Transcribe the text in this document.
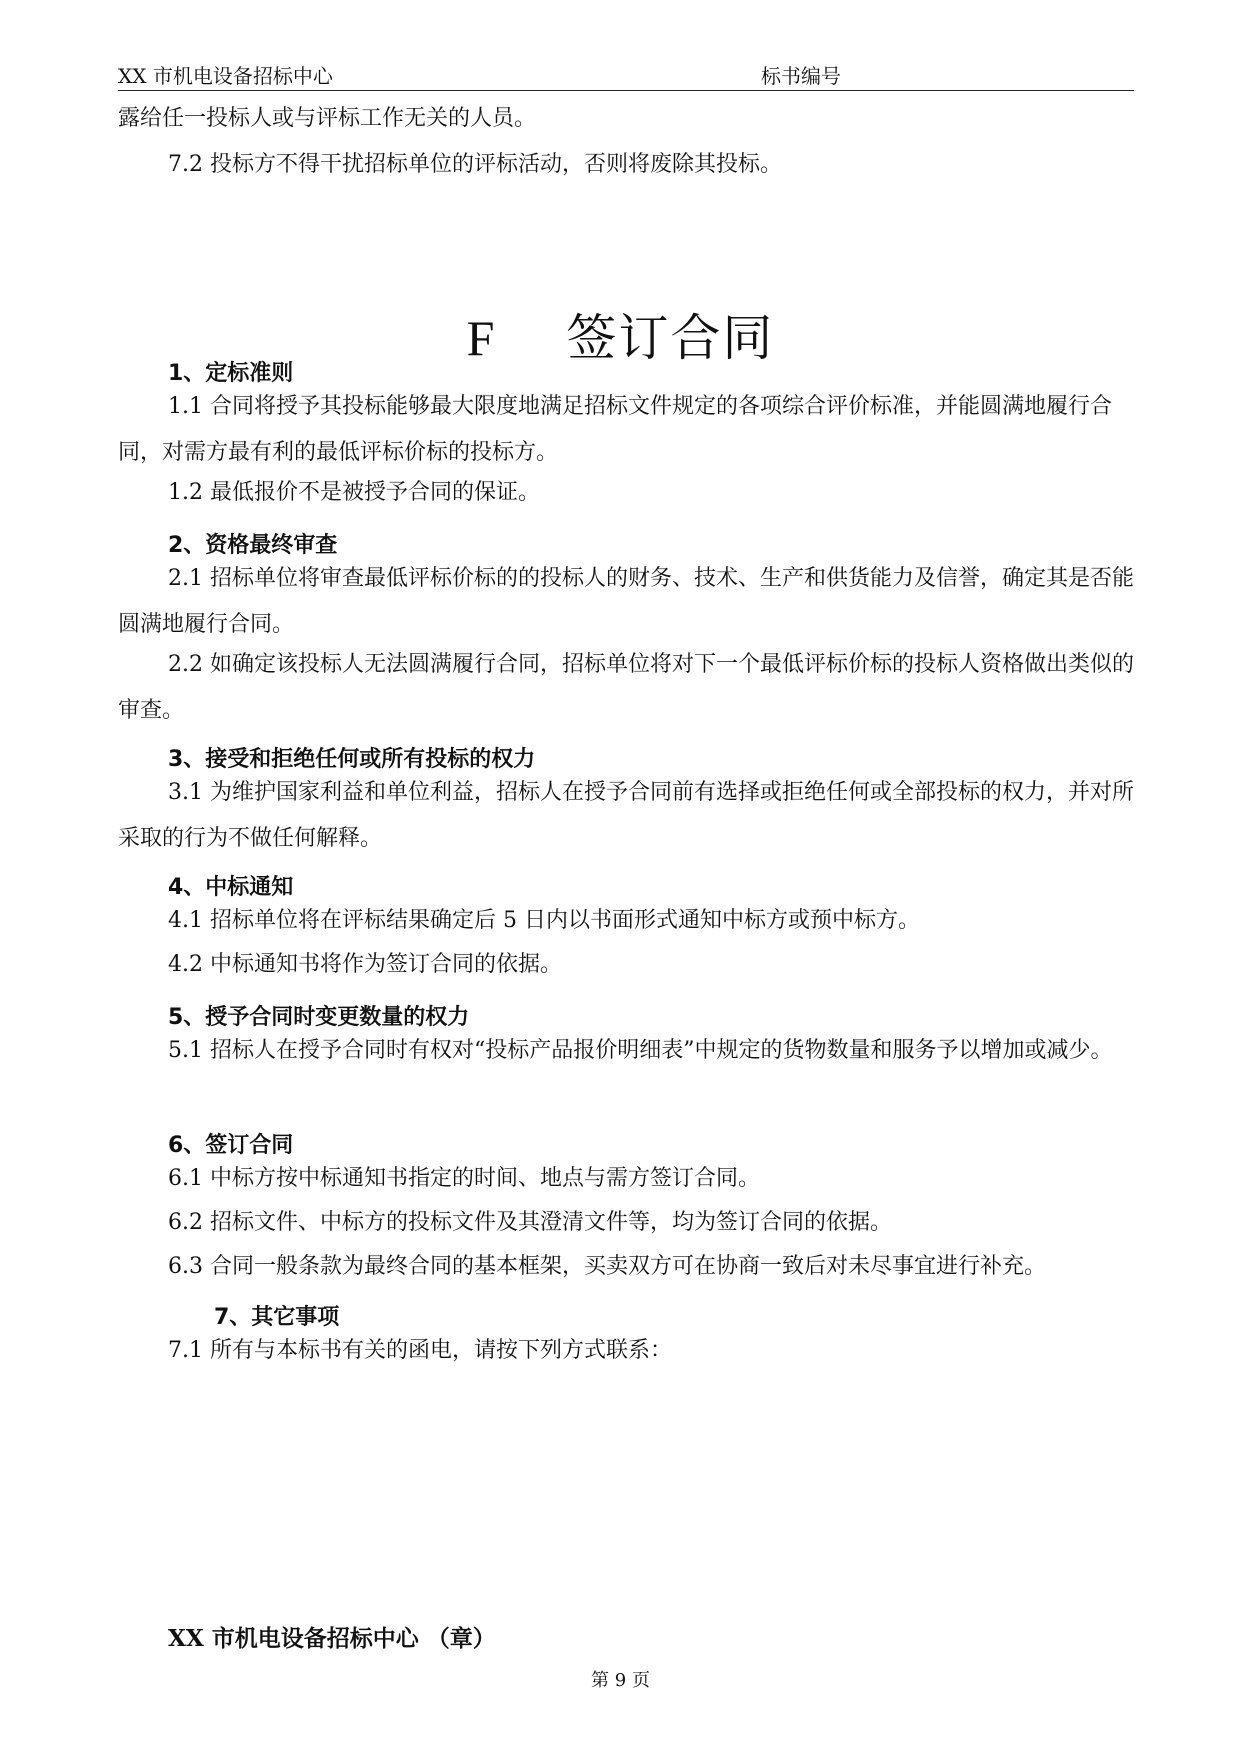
XX 市机电设备招标中心	标书编号

露给任一投标人或与评标工作无关的人员。

7.2 投标方不得干扰招标单位的评标活动，否则将废除其投标。

F 签订合同
1、定标准则

1.1 合同将授予其投标能够最大限度地满足招标文件规定的各项综合评价标准，并能圆满地履行合同，对需方最有利的最低评标价标的投标方。

1.2 最低报价不是被授予合同的保证。

2、资格最终审查

2.1 招标单位将审查最低评标价标的的投标人的财务、技术、生产和供货能力及信誉，确定其是否能圆满地履行合同。

2.2 如确定该投标人无法圆满履行合同，招标单位将对下一个最低评标价标的投标人资格做出类似的审查。

3、接受和拒绝任何或所有投标的权力

3.1 为维护国家利益和单位利益，招标人在授予合同前有选择或拒绝任何或全部投标的权力，并对所采取的行为不做任何解释。

4、中标通知

4.1 招标单位将在评标结果确定后 5 日内以书面形式通知中标方或预中标方。

4.2 中标通知书将作为签订合同的依据。

5、授予合同时变更数量的权力

5.1 招标人在授予合同时有权对“投标产品报价明细表”中规定的货物数量和服务予以增加或减少。

6、签订合同

6.1 中标方按中标通知书指定的时间、地点与需方签订合同。

6.2 招标文件、中标方的投标文件及其澄清文件等，均为签订合同的依据。

6.3 合同一般条款为最终合同的基本框架，买卖双方可在协商一致后对未尽事宜进行补充。

7、其它事项

7.1 所有与本标书有关的函电，请按下列方式联系：

XX 市机电设备招标中心 （章）
第 9 页
